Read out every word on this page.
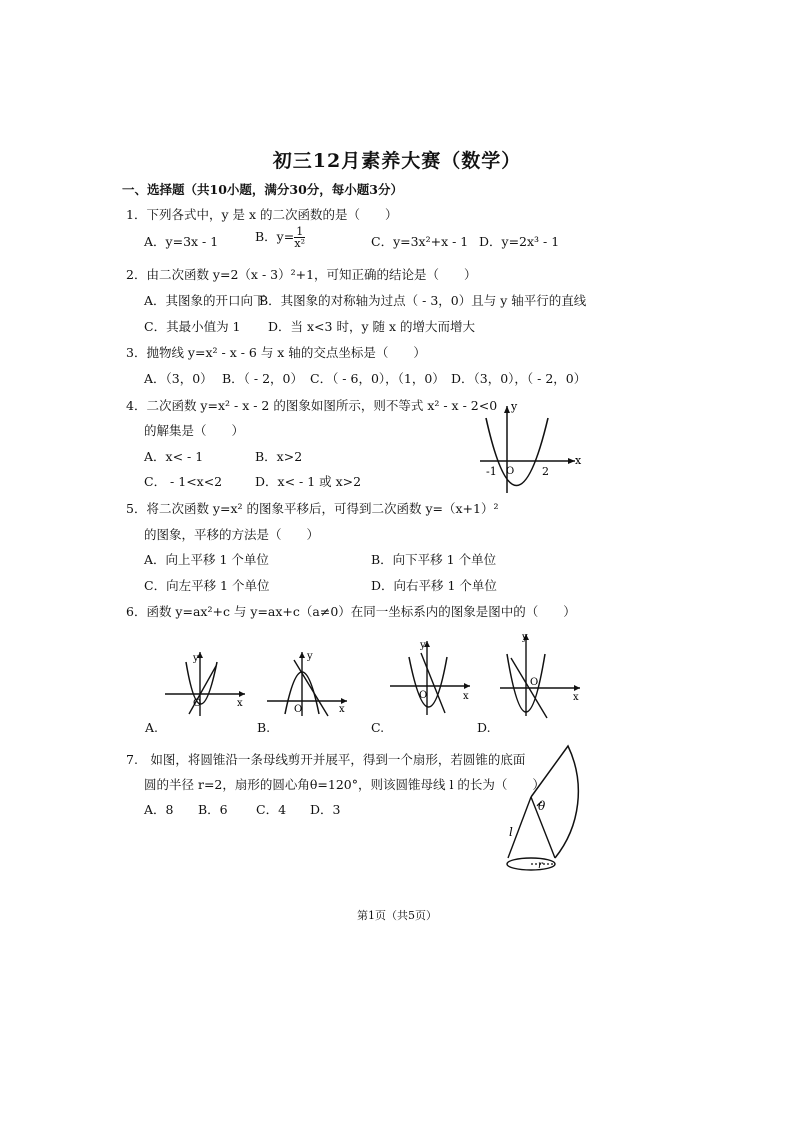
初三12月素养大赛（数学）
一、选择题（共10小题，满分30分，每小题3分）
1．下列各式中，y 是 x 的二次函数的是（　　）
A．y=3x - 1	B．$y= \frac{1}{\text{x²}}$	C．y=3x²+x - 1 D．y=2x³ - 1
2．由二次函数 y=2（x - 3）²+1，可知正确的结论是（　　）
A．其图象的开口向下
B．其图象的对称轴为过点（ - 3，0）且与 y 轴平行的直线
C．其最小值为 1 D．当 x<3 时，y 随 x 的增大而增大
3．抛物线 y=x² - x - 6 与 x 轴的交点坐标是（　　）
A．（3，0） B．（ - 2，0） C．（ - 6，0），（1，0） D．（3，0），（ - 2，0）
4．二次函数 y=x² - x - 2 的图象如图所示，则不等式 x² - x - 2<0
的解集是（　　）
A．x< - 1	B．x>2
C． - 1<x<2	D．x< - 1 或 x>2
y
x
O
-1	2
5．将二次函数 y=x² 的图象平移后，可得到二次函数 y=（x+1）²
的图象，平移的方法是（　　）
A．向上平移 1 个单位	B．向下平移 1 个单位
C．向左平移 1 个单位	D．向右平移 1 个单位
6．函数 y=ax²+c 与 y=ax+c（a≠0）在同一坐标系内的图象是图中的（　　）
y
x
O
A.
y
x
O
B.
y
x
O
C.
y
x
O
D.
7.　如图，将圆锥沿一条母线剪开并展平，得到一个扇形，若圆锥的底面
圆的半径 r=2，扇形的圆心角θ=120°，则该圆锥母线 l 的长为（　　）
A．8 B．6 C．4 D．3	θ
l
r
第1页（共5页）
